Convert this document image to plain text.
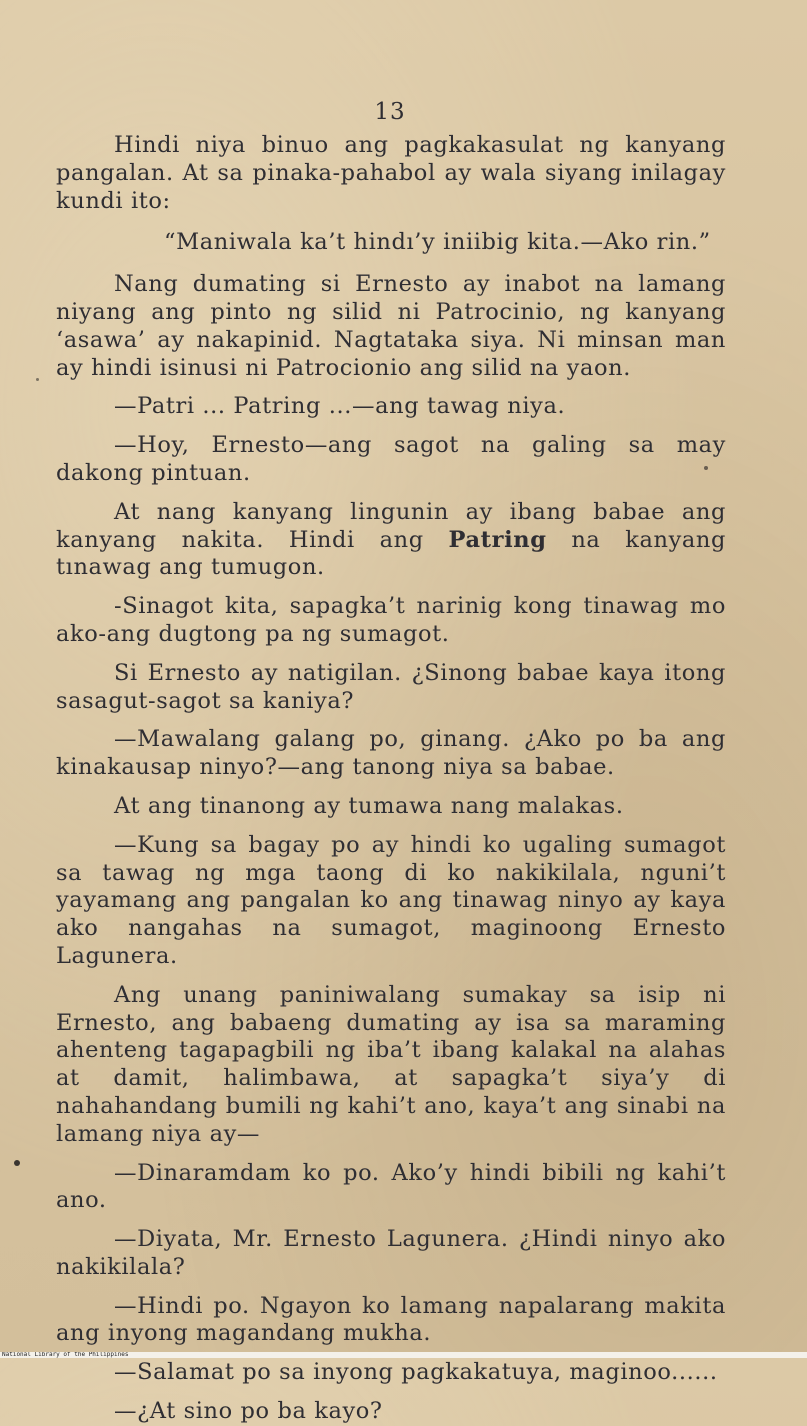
13

Hindi niya binuo ang pagkakasulat ng kanyang pangalan. At sa pinaka-pahabol ay wala siyang inilagay kundi ito:

“Maniwala ka’t hindı’y iniibig kita.—Ako rin.”

Nang dumating si Ernesto ay inabot na lamang niyang ang pinto ng silid ni Patrocinio, ng kanyang ‘asawa’ ay nakapinid. Nagtataka siya. Ni minsan man ay hindi isinusi ni Patrocionio ang silid na yaon.

—Patri ... Patring ...—ang tawag niya.

—Hoy, Ernesto—ang sagot na galing sa may dakong pintuan.

At nang kanyang lingunin ay ibang babae ang kanyang nakita. Hindi ang Patring na kanyang tınawag ang tumugon.

-Sinagot kita, sapagka’t narinig kong tinawag mo ako-ang dugtong pa ng sumagot.

Si Ernesto ay natigilan. ¿Sinong babae kaya itong sasagut-sagot sa kaniya?

—Mawalang galang po, ginang. ¿Ako po ba ang kinakausap ninyo?—ang tanong niya sa babae.

At ang tinanong ay tumawa nang malakas.

—Kung sa bagay po ay hindi ko ugaling sumagot sa tawag ng mga taong di ko nakikilala, nguni’t yayamang ang pangalan ko ang tinawag ninyo ay kaya ako nangahas na sumagot, maginoong Ernesto Lagunera.

Ang unang paniniwalang sumakay sa isip ni Ernesto, ang babaeng dumating ay isa sa maraming ahenteng tagapagbili ng iba’t ibang kalakal na alahas at damit, halimbawa, at sapagka’t siya’y di nahahandang bumili ng kahi’t ano, kaya’t ang sinabi na lamang niya ay—

—Dinaramdam ko po. Ako’y hindi bibili ng kahi’t ano.

—Diyata, Mr. Ernesto Lagunera. ¿Hindi ninyo ako nakikilala?

—Hindi po. Ngayon ko lamang napalarang makita ang inyong magandang mukha.

—Salamat po sa inyong pagkakatuya, maginoo......

—¿At sino po ba kayo?

National Library of the Philippines
